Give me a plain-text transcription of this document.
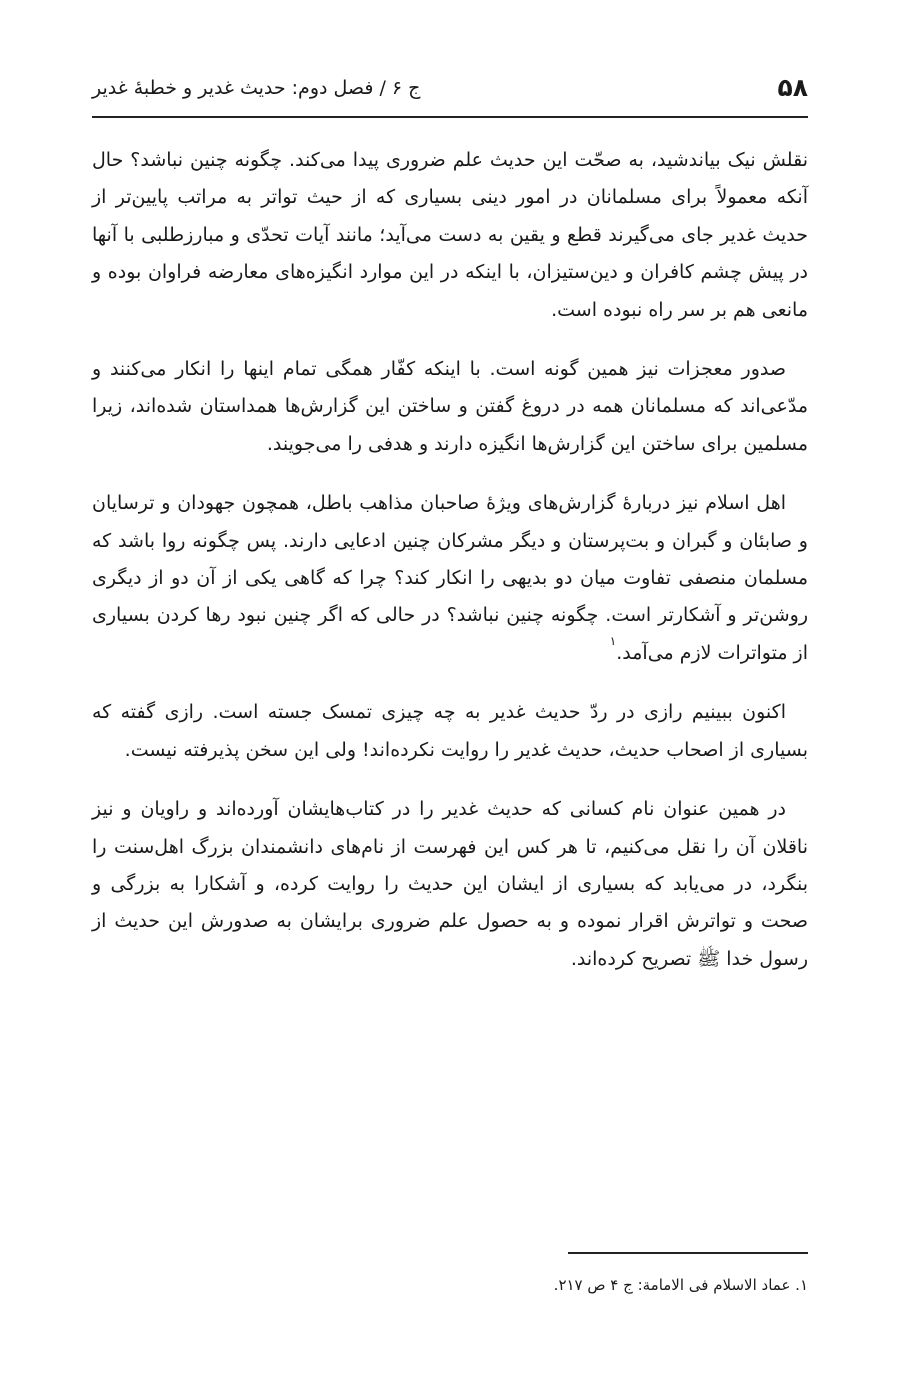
۵۸
ج ۶ / فصل دوم: حديث غدير و خطبهٔ غدير

نقلش نيک بياندشيد، به صحّت اين حديث علم ضروری پيدا می‌كند. چگونه چنين نباشد؟ حال آنكه معمولاً برای مسلمانان در امور دينی بسياری كه از حيث تواتر به مراتب پايين‌تر از حديث غدير جای می‌گيرند قطع و يقين به دست می‌آيد؛ مانند آيات تحدّی و مبارزطلبی با آنها در پيش چشم كافران و دين‌ستيزان، با اينكه در اين موارد انگيزه‌های معارضه فراوان بوده و مانعی هم بر سر راه نبوده است.

صدور معجزات نيز همين گونه است. با اينكه كفّار همگی تمام اينها را انكار می‌كنند و مدّعی‌اند كه مسلمانان همه در دروغ گفتن و ساختن اين گزارش‌ها همداستان شده‌اند، زيرا مسلمين برای ساختن اين گزارش‌ها انگيزه دارند و هدفی را می‌جويند.

اهل اسلام نيز دربارهٔ گزارش‌های ويژهٔ صاحبان مذاهب باطل، همچون جهودان و ترسايان و صابئان و گبران و بت‌پرستان و ديگر مشركان چنين ادعايی دارند. پس چگونه روا باشد كه مسلمان منصفی تفاوت ميان دو بديهی را انكار كند؟ چرا كه گاهی يكی از آن دو از ديگری روشن‌تر و آشكارتر است. چگونه چنين نباشد؟ در حالی كه اگر چنين نبود رها كردن بسياری از متواترات لازم می‌آمد.$^۱$

اكنون ببينيم رازی در ردّ حديث غدير به چه چيزی تمسک جسته است. رازی گفته كه بسياری از اصحاب حديث، حديث غدير را روايت نكرده‌اند! ولی اين سخن پذيرفته نيست.

در همين عنوان نام كسانی كه حديث غدير را در كتاب‌هايشان آورده‌اند و راويان و نيز ناقلان آن را نقل می‌كنيم، تا هر كس اين فهرست از نام‌های دانشمندان بزرگ اهل‌سنت را بنگرد، در می‌يابد كه بسياری از ايشان اين حديث را روايت كرده، و آشكارا به بزرگی و صحت و تواترش اقرار نموده و به حصول علم ضروری برايشان به صدورش اين حديث از رسول خدا ﷺ تصريح كرده‌اند.

۱. عماد الاسلام فی الامامة: ج ۴ ص ۲۱۷.
